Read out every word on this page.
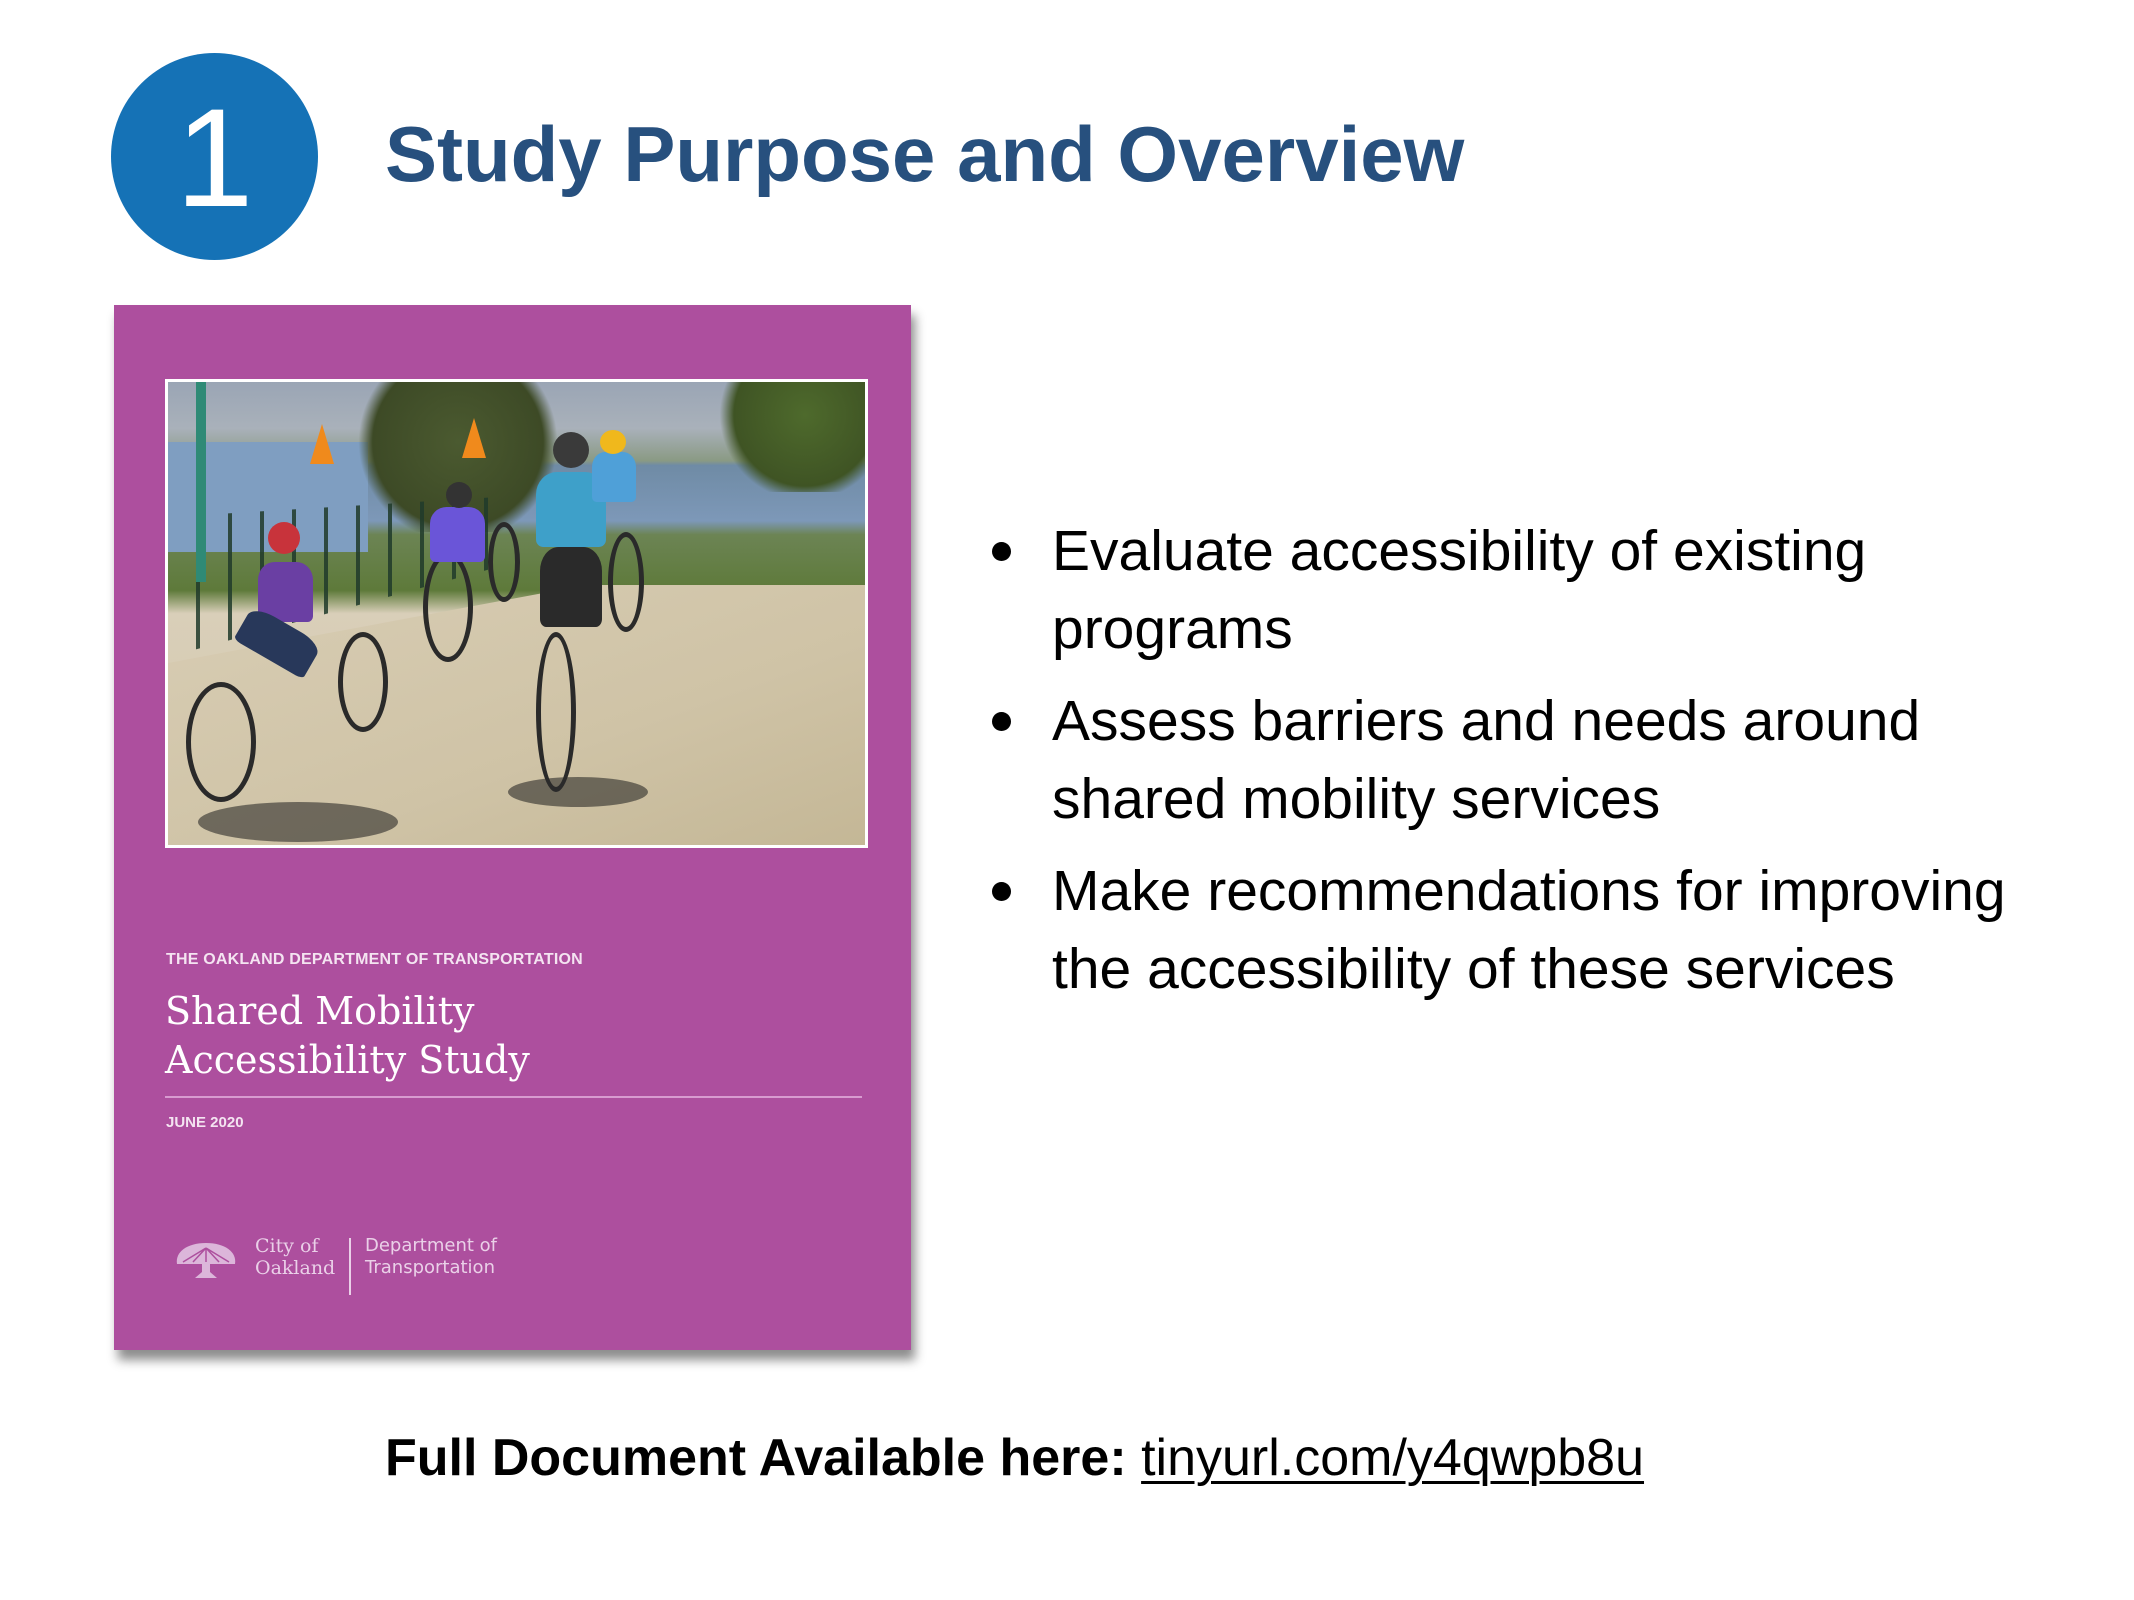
1 Study Purpose and Overview
THE OAKLAND DEPARTMENT OF TRANSPORTATION
Shared Mobility
Accessibility Study
JUNE 2020
City of
Oakland
Department of
Transportation
Evaluate accessibility of existing programs
Assess barriers and needs around shared mobility services
Make recommendations for improving the accessibility of these services
Full Document Available here: tinyurl.com/y4qwpb8u
